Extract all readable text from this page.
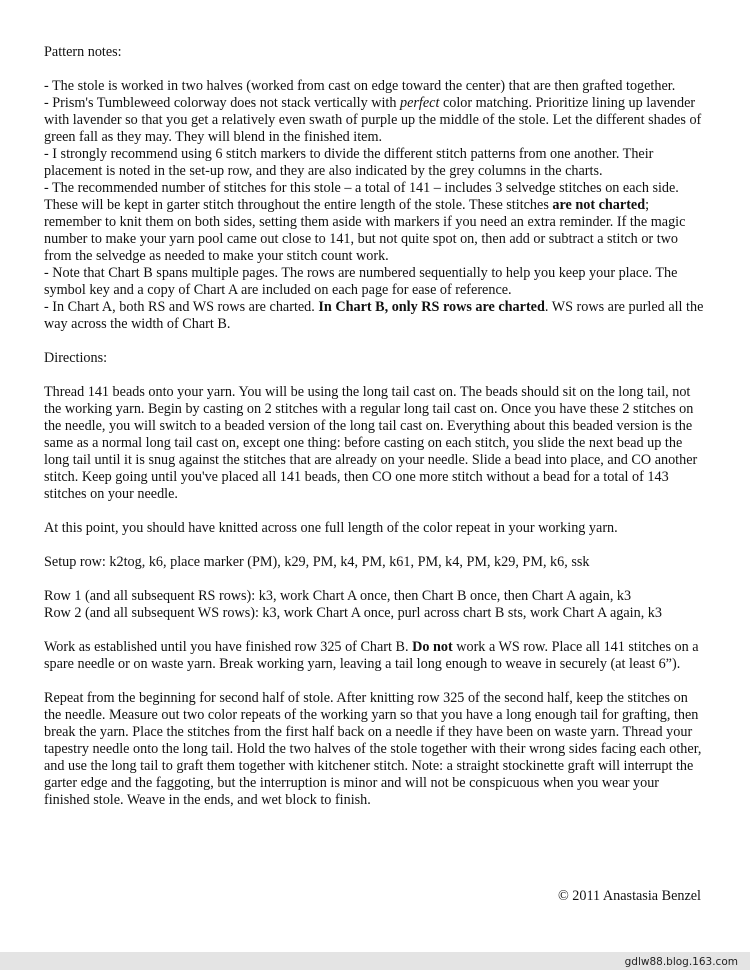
Pattern notes:

- The stole is worked in two halves (worked from cast on edge toward the center) that are then grafted together.

- Prism's Tumbleweed colorway does not stack vertically with perfect color matching. Prioritize lining up lavender with lavender so that you get a relatively even swath of purple up the middle of the stole. Let the different shades of green fall as they may. They will blend in the finished item.

- I strongly recommend using 6 stitch markers to divide the different stitch patterns from one another. Their placement is noted in the set-up row, and they are also indicated by the grey columns in the charts.

- The recommended number of stitches for this stole – a total of 141 – includes 3 selvedge stitches on each side. These will be kept in garter stitch throughout the entire length of the stole. These stitches are not charted; remember to knit them on both sides, setting them aside with markers if you need an extra reminder. If the magic number to make your yarn pool came out close to 141, but not quite spot on, then add or subtract a stitch or two from the selvedge as needed to make your stitch count work.

- Note that Chart B spans multiple pages. The rows are numbered sequentially to help you keep your place. The symbol key and a copy of Chart A are included on each page for ease of reference.

- In Chart A, both RS and WS rows are charted. In Chart B, only RS rows are charted. WS rows are purled all the way across the width of Chart B.

Directions:

Thread 141 beads onto your yarn. You will be using the long tail cast on. The beads should sit on the long tail, not the working yarn. Begin by casting on 2 stitches with a regular long tail cast on. Once you have these 2 stitches on the needle, you will switch to a beaded version of the long tail cast on. Everything about this beaded version is the same as a normal long tail cast on, except one thing: before casting on each stitch, you slide the next bead up the long tail until it is snug against the stitches that are already on your needle. Slide a bead into place, and CO another stitch. Keep going until you've placed all 141 beads, then CO one more stitch without a bead for a total of 143 stitches on your needle.

At this point, you should have knitted across one full length of the color repeat in your working yarn.

Setup row: k2tog, k6, place marker (PM), k29, PM, k4, PM, k61, PM, k4, PM, k29, PM, k6, ssk

Row 1 (and all subsequent RS rows): k3, work Chart A once, then Chart B once, then Chart A again, k3

Row 2 (and all subsequent WS rows): k3, work Chart A once, purl across chart B sts, work Chart A again, k3

Work as established until you have finished row 325 of Chart B. Do not work a WS row. Place all 141 stitches on a spare needle or on waste yarn. Break working yarn, leaving a tail long enough to weave in securely (at least 6”).

Repeat from the beginning for second half of stole. After knitting row 325 of the second half, keep the stitches on the needle. Measure out two color repeats of the working yarn so that you have a long enough tail for grafting, then break the yarn. Place the stitches from the first half back on a needle if they have been on waste yarn. Thread your tapestry needle onto the long tail. Hold the two halves of the stole together with their wrong sides facing each other, and use the long tail to graft them together with kitchener stitch. Note: a straight stockinette graft will interrupt the garter edge and the faggoting, but the interruption is minor and will not be conspicuous when you wear your finished stole. Weave in the ends, and wet block to finish.

© 2011 Anastasia Benzel
gdlw88.blog.163.com
